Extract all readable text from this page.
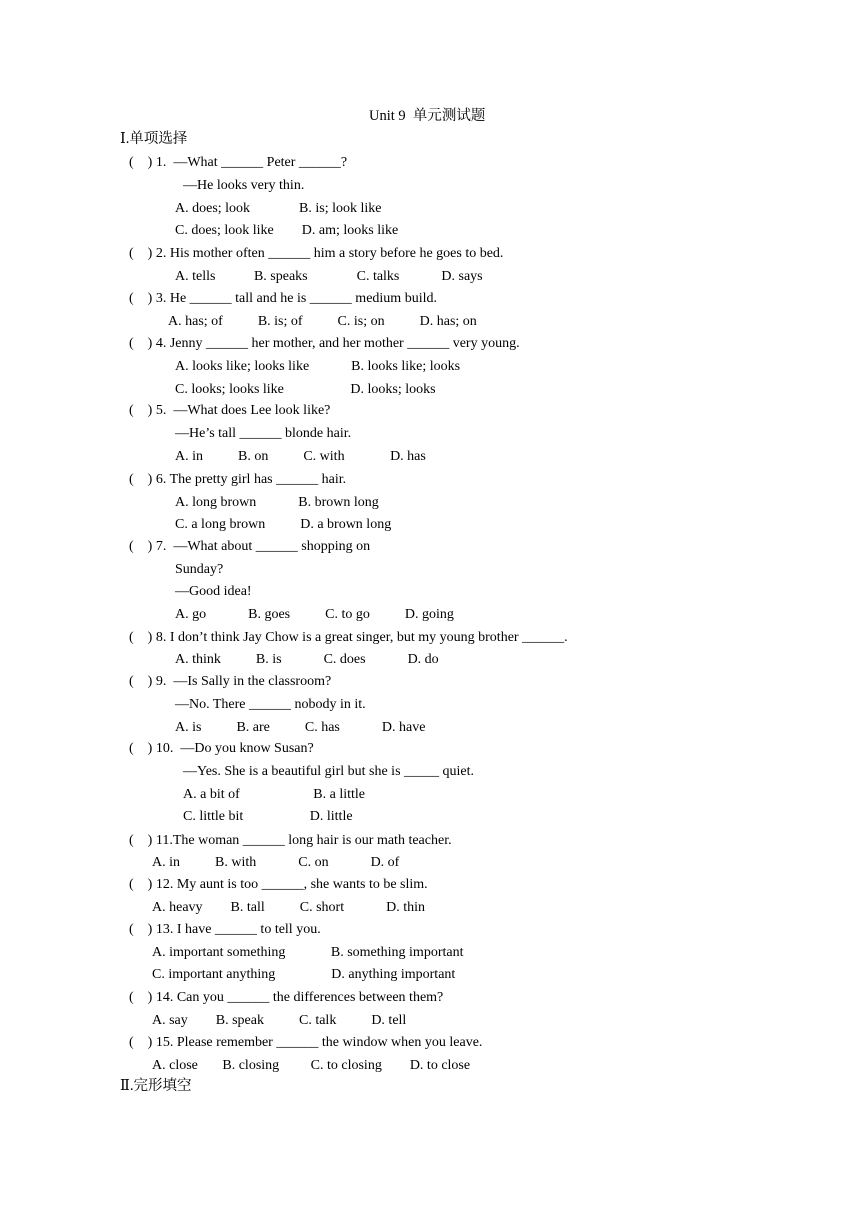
Unit 9  单元测试题
Ⅰ.单项选择
(    ) 1.  —What ______ Peter ______?
—He looks very thin.
A. does; look              B. is; look like
C. does; look like        D. am; looks like
(    ) 2. His mother often ______ him a story before he goes to bed.
A. tells           B. speaks              C. talks            D. says
(    ) 3. He ______ tall and he is ______ medium build.
A. has; of          B. is; of          C. is; on          D. has; on
(    ) 4. Jenny ______ her mother, and her mother ______ very young.
A. looks like; looks like            B. looks like; looks
C. looks; looks like                   D. looks; looks
(    ) 5.  —What does Lee look like?
—He’s tall ______ blonde hair.
A. in          B. on          C. with             D. has
(    ) 6. The pretty girl has ______ hair.
A. long brown            B. brown long
C. a long brown          D. a brown long
(    ) 7.  —What about ______ shopping on
Sunday?
—Good idea!
A. go            B. goes          C. to go          D. going
(    ) 8. I don’t think Jay Chow is a great singer, but my young brother ______.
A. think          B. is            C. does            D. do
(    ) 9.  —Is Sally in the classroom?
—No. There ______ nobody in it.
A. is          B. are          C. has            D. have
(    ) 10.  —Do you know Susan?
—Yes. She is a beautiful girl but she is _____ quiet.
A. a bit of                     B. a little
C. little bit                   D. little
(    ) 11.The woman ______ long hair is our math teacher.
A. in          B. with            C. on            D. of
(    ) 12. My aunt is too ______, she wants to be slim.
A. heavy        B. tall          C. short            D. thin
(    ) 13. I have ______ to tell you.
A. important something             B. something important
C. important anything                D. anything important
(    ) 14. Can you ______ the differences between them?
A. say        B. speak          C. talk          D. tell
(    ) 15. Please remember ______ the window when you leave.
A. close       B. closing         C. to closing        D. to close
Ⅱ.完形填空
